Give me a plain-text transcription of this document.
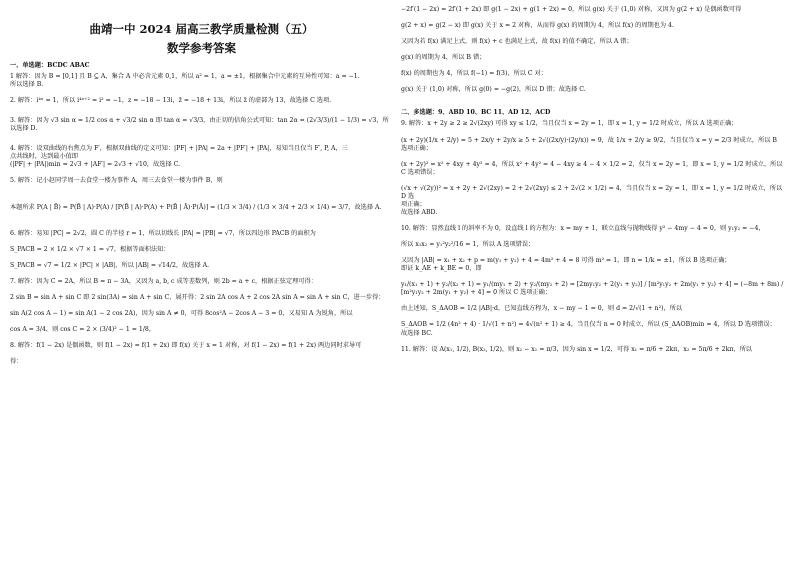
曲靖一中 2024 届高三教学质量检测（五）
数学参考答案
一、单选题：BCDC ABAC

1 解答：因为 B = [0,1] 且 B ⊆ A，集合 A 中必含元素 0,1，所以 a² = 1，a = ±1，根据集合中元素的互异性可知：a = −1.

所以选择 B.

2. 解答：i⁴ⁿ = 1，所以 i⁴ⁿ⁺² = i² = −1，z = −18 − 13i，z̄ = −18 + 13i，所以 z̄ 的虚部为 13，故选择 C 选项.

3. 解答：因为 √3 sin α = 1/2 cos α + √3/2 sin α 即 tan α = √3/3，由正切的倍角公式可知：tan 2α = (2√3/3)/(1 − 1/3) = √3，所以选择 D.

4. 解答：设双曲线的右焦点为 F′，根据双曲线的定义可知：|PF| + |PA| = 2a + |PF′| + |PA|，易知当且仅当 F′, P, A，三

点共线时，达到最小值即

(|PF| + |PA|)min = 2√3 + |AF′| = 2√3 + √10，故选择 C.

5. 解答：记小赵同学周一去食堂一楼为事件 A，周三去食堂一楼为事件 B，则

本题所求 P(A | B̄) = P(B̄ | A)·P(A) / [P(B̄ | A)·P(A) + P(B̄ | Ā)·P(Ā)] = (1/3 × 3/4) / (1/3 × 3/4 + 2/3 × 1/4) = 3/7，故选择 A.

6. 解答：易知 |PC| = 2√2，圆 C 的半径 r = 1，所以切线长 |PA| = |PB| = √7，所以四边形 PACB 的面积为

S_PACB = 2 × 1/2 × √7 × 1 = √7，根据等面积法知：

S_PACB = √7 = 1/2 × |PC| × |AB|，所以 |AB| = √14/2，故选择 A.

7. 解答：因为 C = 2A，所以 B = π − 3A，又因为 a, b, c 成等差数列，则 2b = a + c，根据正弦定理可得：

2 sin B = sin A + sin C 即 2 sin(3A) = sin A + sin C，展开得：2 sin 2A cos A + 2 cos 2A sin A = sin A + sin C，进一步得：

sin A(2 cos A − 1) = sin A(1 − 2 cos 2A)，因为 sin A ≠ 0，可得 8cos²A − 2cos A − 3 = 0，又易知 A 为锐角，所以

cos A = 3/4，则 cos C = 2 × (3/4)² − 1 = 1/8，

8. 解答：f(1 − 2x) 是偶函数，则 f(1 − 2x) = f(1 + 2x) 即 f(x) 关于 x = 1 对称，对 f(1 − 2x) = f(1 + 2x) 两边同时求导可

得：

−2f′(1 − 2x) = 2f′(1 + 2x) 即 g(1 − 2x) + g(1 + 2x) = 0，所以 g(x) 关于 (1,0) 对称，又因为 g(2 + x) 是偶函数可得

g(2 + x) = g(2 − x) 即 g(x) 关于 x = 2 对称，从而得 g(x) 的周期为 4，所以 f(x) 的周期也为 4.

又因为若 f(x) 满足上式，则 f(x) + c 也满足上式，故 f(x) 的值不确定，所以 A 错；

g(x) 的周期为 4，所以 B 错；

f(x) 的周期也为 4，所以 f(−1) = f(3)，所以 C 对；

g(x) 关于 (1,0) 对称，所以 g(0) = −g(2)，所以 D 错；故选择 C.

二、多选题：9、ABD 10、BC 11、AD 12、ACD

9. 解答：x + 2y ≥ 2 ≥ 2√(2xy) 可得 xy ≤ 1/2，当且仅当 x = 2y = 1，即 x = 1, y = 1/2 时成立，所以 A 选项正确；

(x + 2y)(1/x + 2/y) = 5 + 2x/y + 2y/x ≥ 5 + 2√((2x/y)·(2y/x)) = 9，故 1/x + 2/y ≥ 9/2，当且仅当 x = y = 2/3 时成立，所以 B 选项正确；

(x + 2y)² = x² + 4xy + 4y² = 4，所以 x² + 4y² = 4 − 4xy ≥ 4 − 4 × 1/2 = 2，仅当 x = 2y = 1，即 x = 1, y = 1/2 时成立，所以

C 选项错误；

(√x + √(2y))² = x + 2y + 2√(2xy) = 2 + 2√(2xy) ≤ 2 + 2√(2 × 1/2) = 4，当且仅当 x = 2y = 1，即 x = 1, y = 1/2 时成立，所以 D 选

项正确；

故选择 ABD.

10. 解答：显然直线 l 的斜率不为 0，设直线 l 的方程为：x = my + 1，联立直线与抛物线得 y² − 4my − 4 = 0，则 y₁y₂ = −4，

所以 x₁x₂ = y₁²y₂²/16 = 1，所以 A 选项错误；

又因为 |AB| = x₁ + x₂ + p = m(y₁ + y₂) + 4 = 4m² + 4 = 8 可得 m² = 1，即 n = 1/k = ±1，所以 B 选项正确；

即证 k_AE + k_BE = 0，即

y₁/(x₁ + 1) + y₂/(x₂ + 1) = y₁/(my₁ + 2) + y₂/(my₂ + 2) = [2my₁y₂ + 2(y₁ + y₂)] / [m²y₁y₂ + 2m(y₁ + y₂) + 4] = (−8m + 8m) / [m²y₁y₂ + 2m(y₁ + y₂) + 4] = 0 所以 C 选项正确；

由上述知，S_ΔAOB = 1/2 |AB|·d，已知直线方程为，x − my − 1 = 0，则 d = 2/√(1 + n²)，所以

S_ΔAOB = 1/2 (4n² + 4) · 1/√(1 + n²) = 4√(n² + 1) ≥ 4，当且仅当 n = 0 时成立，所以 (S_ΔAOB)min = 4，所以 D 选项错误；

故选择 BC.

11. 解答：设 A(x₁, 1/2), B(x₂, 1/2)，则 x₂ − x₁ = π/3，因为 sin x = 1/2，可得 x₁ = π/6 + 2kπ，x₂ = 5π/6 + 2kπ，所以
